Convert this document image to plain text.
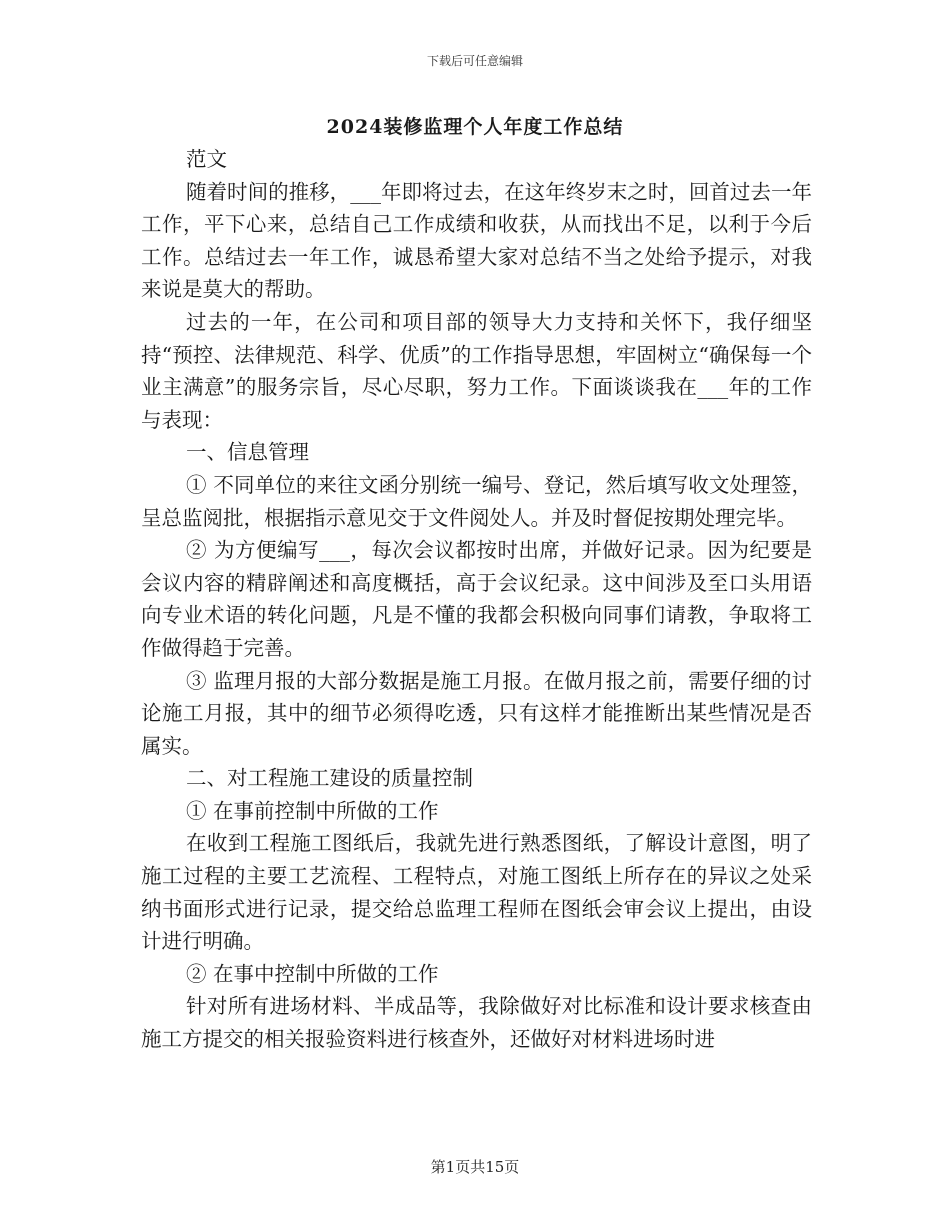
下载后可任意编辑
2024装修监理个人年度工作总结

范文

随着时间的推移，___年即将过去，在这年终岁末之时，回首过去一年工作，平下心来，总结自己工作成绩和收获，从而找出不足，以利于今后工作。总结过去一年工作，诚恳希望大家对总结不当之处给予提示，对我来说是莫大的帮助。

过去的一年，在公司和项目部的领导大力支持和关怀下，我仔细坚持“预控、法律规范、科学、优质”的工作指导思想，牢固树立“确保每一个业主满意”的服务宗旨，尽心尽职，努力工作。下面谈谈我在___年的工作与表现：

一、信息管理

① 不同单位的来往文函分别统一编号、登记，然后填写收文处理签，呈总监阅批，根据指示意见交于文件阅处人。并及时督促按期处理完毕。

② 为方便编写___，每次会议都按时出席，并做好记录。因为纪要是会议内容的精辟阐述和高度概括，高于会议纪录。这中间涉及至口头用语向专业术语的转化问题，凡是不懂的我都会积极向同事们请教，争取将工作做得趋于完善。

③ 监理月报的大部分数据是施工月报。在做月报之前，需要仔细的讨论施工月报，其中的细节必须得吃透，只有这样才能推断出某些情况是否属实。

二、对工程施工建设的质量控制

① 在事前控制中所做的工作

在收到工程施工图纸后，我就先进行熟悉图纸，了解设计意图，明了施工过程的主要工艺流程、工程特点，对施工图纸上所存在的异议之处采纳书面形式进行记录，提交给总监理工程师在图纸会审会议上提出，由设计进行明确。

② 在事中控制中所做的工作

针对所有进场材料、半成品等，我除做好对比标准和设计要求核查由施工方提交的相关报验资料进行核查外，还做好对材料进场时进

第1页共15页
